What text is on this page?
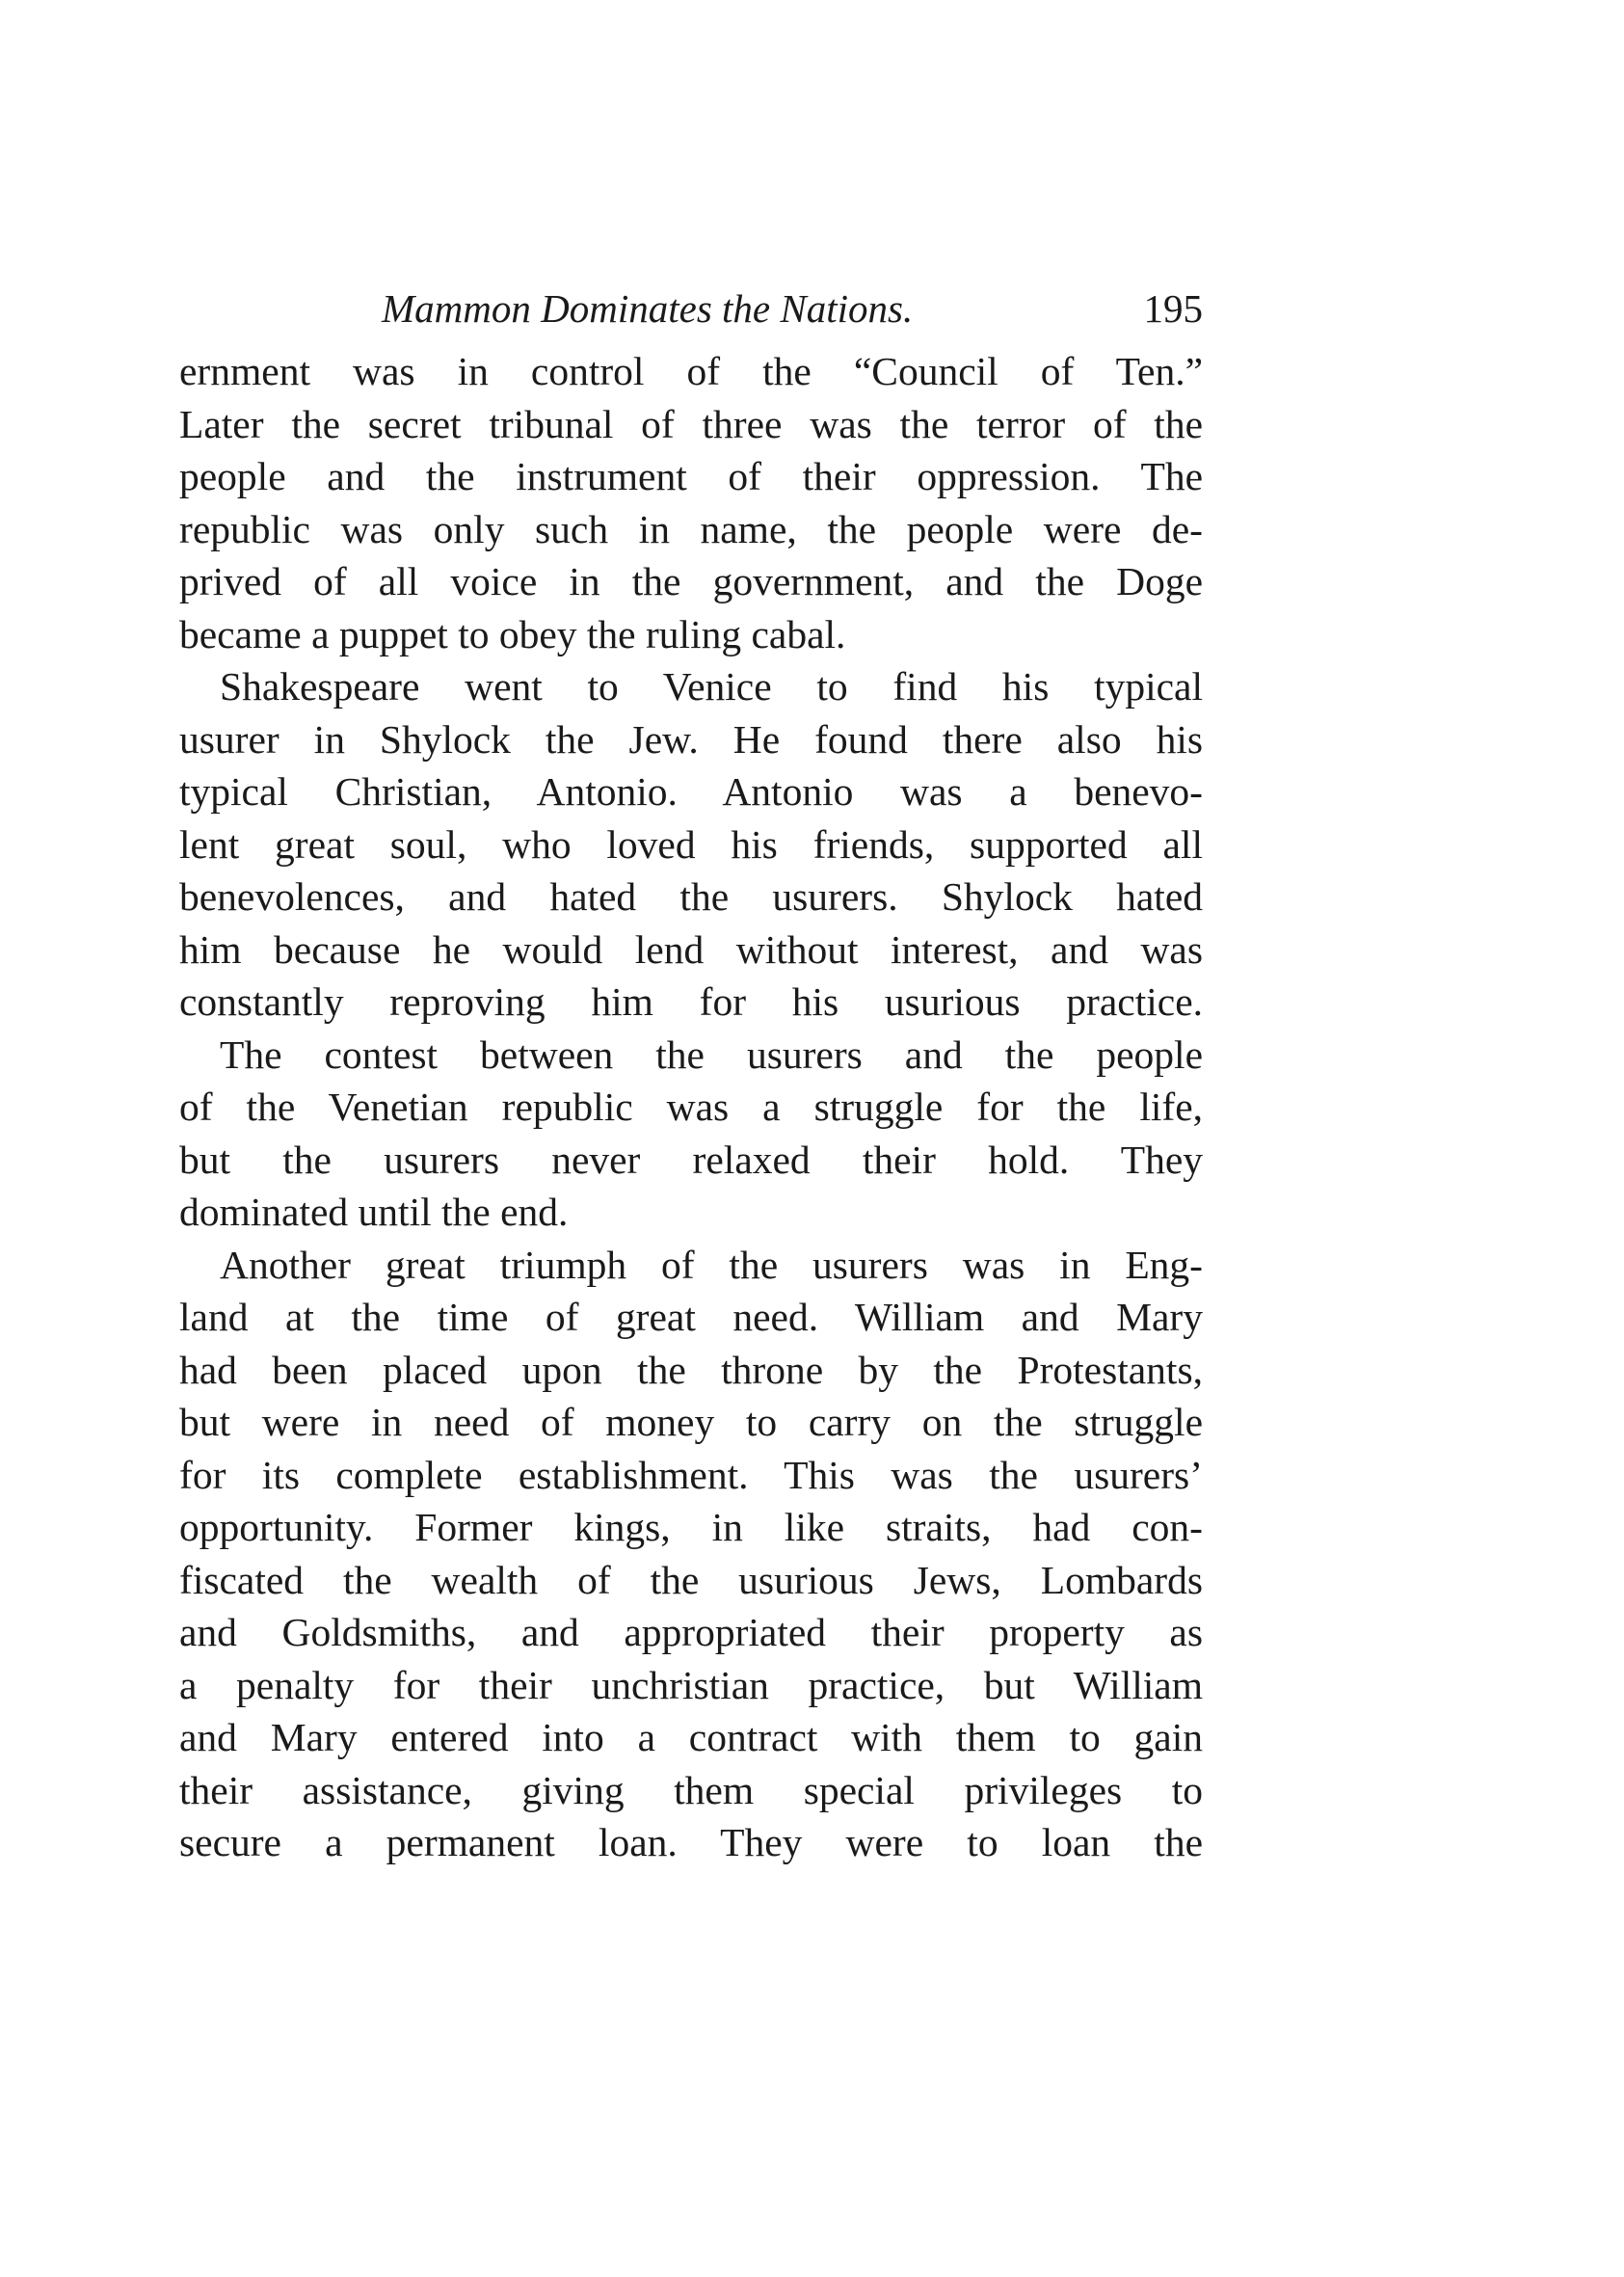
Mammon Dominates the Nations.	195

ernment was in control of the “Council of Ten.”
Later the secret tribunal of three was the terror of the
people and the instrument of their oppression. The
republic was only such in name, the people were de-
prived of all voice in the government, and the Doge
became a puppet to obey the ruling cabal.

Shakespeare went to Venice to find his typical
usurer in Shylock the Jew. He found there also his
typical Christian, Antonio. Antonio was a benevo-
lent great soul, who loved his friends, supported all
benevolences, and hated the usurers. Shylock hated
him because he would lend without interest, and was
constantly reproving him for his usurious practice.

The contest between the usurers and the people
of the Venetian republic was a struggle for the life,
but the usurers never relaxed their hold. They
dominated until the end.

Another great triumph of the usurers was in Eng-
land at the time of great need. William and Mary
had been placed upon the throne by the Protestants,
but were in need of money to carry on the struggle
for its complete establishment. This was the usurers’
opportunity. Former kings, in like straits, had con-
fiscated the wealth of the usurious Jews, Lombards
and Goldsmiths, and appropriated their property as
a penalty for their unchristian practice, but William
and Mary entered into a contract with them to gain
their assistance, giving them special privileges to
secure a permanent loan. They were to loan the
